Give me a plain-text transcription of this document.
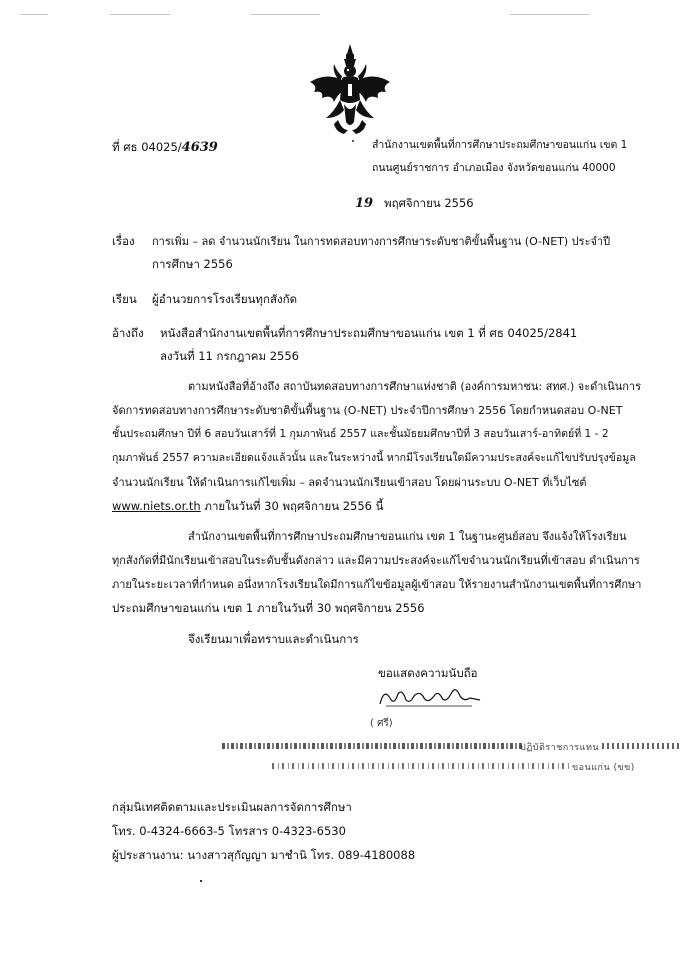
ที่ ศธ 04025/4639	สำนักงานเขตพื้นที่การศึกษาประถมศึกษาขอนแก่น เขต 1
ถนนศูนย์ราชการ อำเภอเมือง จังหวัดขอนแก่น 40000
19 พฤศจิกายน 2556
เรื่อง การเพิ่ม – ลด จำนวนนักเรียน ในการทดสอบทางการศึกษาระดับชาติขั้นพื้นฐาน (O-NET) ประจำปี
การศึกษา 2556
เรียน ผู้อำนวยการโรงเรียนทุกสังกัด
อ้างถึง หนังสือสำนักงานเขตพื้นที่การศึกษาประถมศึกษาขอนแก่น เขต 1 ที่ ศธ 04025/2841
ลงวันที่ 11 กรกฎาคม 2556
ตามหนังสือที่อ้างถึง สถาบันทดสอบทางการศึกษาแห่งชาติ (องค์การมหาชน: สทศ.) จะดำเนินการ
จัดการทดสอบทางการศึกษาระดับชาติขั้นพื้นฐาน (O-NET) ประจำปีการศึกษา 2556 โดยกำหนดสอบ O-NET
ชั้นประถมศึกษา ปีที่ 6 สอบวันเสาร์ที่ 1 กุมภาพันธ์ 2557 และชั้นมัธยมศึกษาปีที่ 3 สอบวันเสาร์-อาทิตย์ที่ 1 - 2
กุมภาพันธ์ 2557 ความละเอียดแจ้งแล้วนั้น และในระหว่างนี้ หากมีโรงเรียนใดมีความประสงค์จะแก้ไขปรับปรุงข้อมูล
จำนวนนักเรียน ให้ดำเนินการแก้ไขเพิ่ม – ลดจำนวนนักเรียนเข้าสอบ โดยผ่านระบบ O-NET ที่เว็บไซต์
www.niets.or.th ภายในวันที่ 30 พฤศจิกายน 2556 นี้
สำนักงานเขตพื้นที่การศึกษาประถมศึกษาขอนแก่น เขต 1 ในฐานะศูนย์สอบ จึงแจ้งให้โรงเรียน
ทุกสังกัดที่มีนักเรียนเข้าสอบในระดับชั้นดังกล่าว และมีความประสงค์จะแก้ไขจำนวนนักเรียนที่เข้าสอบ ดำเนินการ
ภายในระยะเวลาที่กำหนด อนึ่งหากโรงเรียนใดมีการแก้ไขข้อมูลผู้เข้าสอบ ให้รายงานสำนักงานเขตพื้นที่การศึกษา
ประถมศึกษาขอนแก่น เขต 1 ภายในวันที่ 30 พฤศจิกายน 2556
จึงเรียนมาเพื่อทราบและดำเนินการ
ขอแสดงความนับถือ
( ศรี)
ปฏิบัติราชการแทน
ขอนแก่น (ขข)
กลุ่มนิเทศติดตามและประเมินผลการจัดการศึกษา
โทร. 0-4324-6663-5 โทรสาร 0-4323-6530
ผู้ประสานงาน: นางสาวสุกัญญา มาชำนิ โทร. 089-4180088
